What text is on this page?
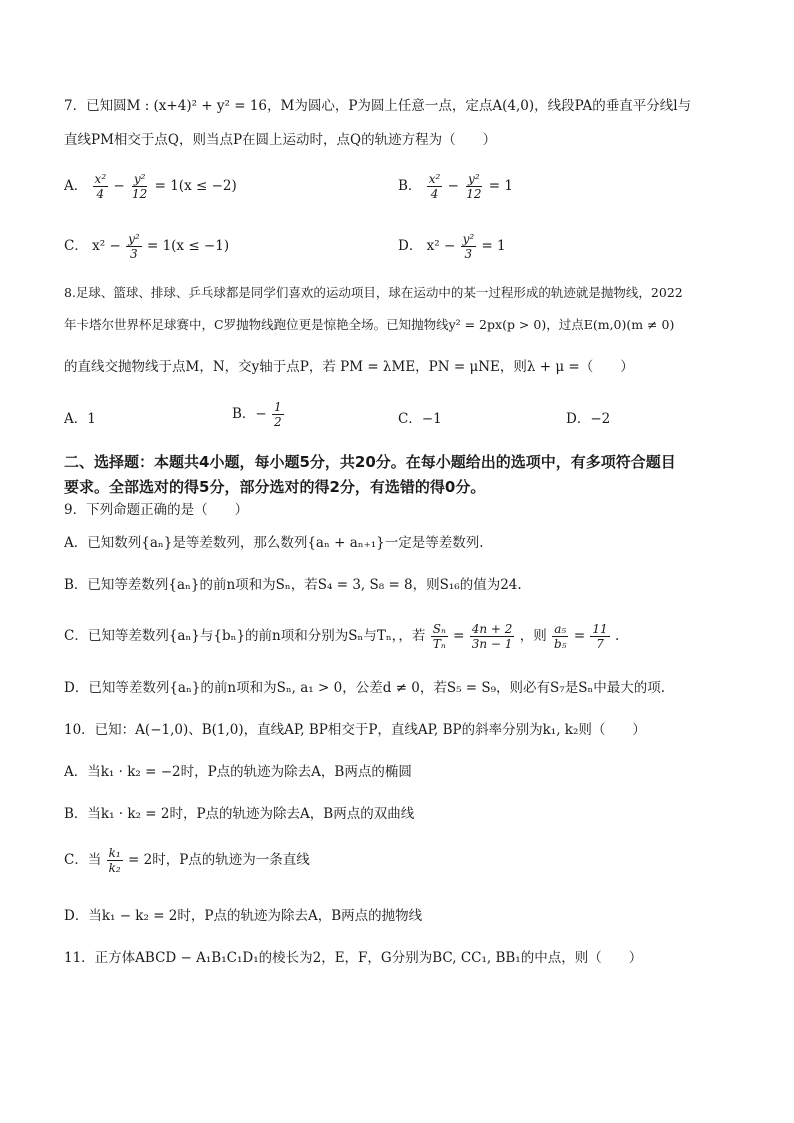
7．已知圆M : (x+4)² + y² = 16，M为圆心，P为圆上任意一点，定点A(4,0)，线段PA的垂直平分线l与
直线PM相交于点Q，则当点P在圆上运动时，点Q的轨迹方程为（　　）
A． $\frac{\text{x²}}{4} - \frac{\text{y²}}{12} = 1(x \le -2)$	B． $\frac{\text{x²}}{4} - \frac{\text{y²}}{12} = 1$
C． $x^2 - \frac{\text{y²}}{3} = 1(x \le -1)$	D． $x^2 - \frac{\text{y²}}{3} = 1$
8.足球、篮球、排球、乒乓球都是同学们喜欢的运动项目，球在运动中的某一过程形成的轨迹就是抛物线，2022
年卡塔尔世界杯足球赛中，C罗抛物线跑位更是惊艳全场。已知抛物线y² = 2px(p > 0)，过点E(m,0)(m ≠ 0)
的直线交抛物线于点M，N，交y轴于点P，若 PM = λME，PN = μNE，则λ + μ =（　　）
A．1	B．− $\frac{1}{2}$	C．−1	D．−2
二、选择题：本题共4小题，每小题5分，共20分。在每小题给出的选项中，有多项符合题目
要求。全部选对的得5分，部分选对的得2分，有选错的得0分。
9．下列命题正确的是（　　）
A．已知数列{aₙ}是等差数列，那么数列{aₙ + aₙ₊₁}一定是等差数列.
B．已知等差数列{aₙ}的前n项和为Sₙ，若S₄ = 3, S₈ = 8，则S₁₆的值为24.
C．已知等差数列{aₙ}与{bₙ}的前n项和分别为Sₙ与Tₙ，，若 $\frac{\text{Sₙ}}{\text{Tₙ}} = \frac{4n + 2}{3n - 1}$ ，则 $\frac{\text{a₅}}{\text{b₅}} = \frac{11}{7}$ .
D．已知等差数列{aₙ}的前n项和为Sₙ, a₁ > 0，公差d ≠ 0，若S₅ = S₉，则必有S₇是Sₙ中最大的项.
10．已知：A(−1,0)、B(1,0)，直线AP, BP相交于P，直线AP, BP的斜率分别为k₁, k₂则（　　）
A．当k₁ · k₂ = −2时，P点的轨迹为除去A，B两点的椭圆
B．当k₁ · k₂ = 2时，P点的轨迹为除去A，B两点的双曲线
C．当 $\frac{\text{k₁}}{\text{k₂}} = 2$时，P点的轨迹为一条直线
D．当k₁ − k₂ = 2时，P点的轨迹为除去A，B两点的抛物线
11．正方体ABCD − A₁B₁C₁D₁的棱长为2，E，F，G分别为BC, CC₁, BB₁的中点，则（　　）
